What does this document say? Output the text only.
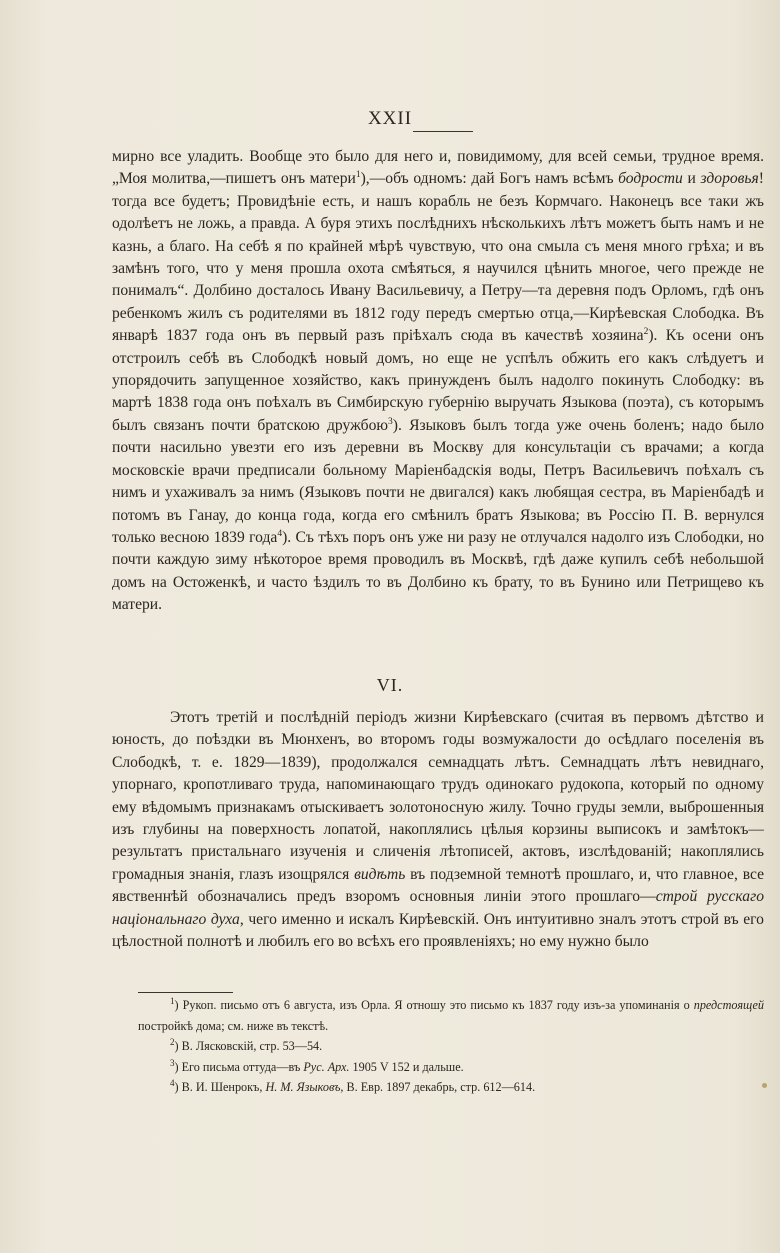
XXII
мирно все уладить. Вообще это было для него и, повидимому, для всей семьи, трудное время. „Моя молитва,—пишетъ онъ матери$^1$),—объ одномъ: дай Богъ намъ всѣмъ бодрости и здоровья! тогда все будетъ; Провидѣніе есть, и нашъ корабль не безъ Кормчаго. Наконецъ все таки жъ одолѣетъ не ложь, а правда. А буря этихъ послѣднихъ нѣсколькихъ лѣтъ можетъ быть намъ и не казнь, а благо. На себѣ я по крайней мѣрѣ чувствую, что она смыла съ меня много грѣха; и въ замѣнъ того, что у меня прошла охота смѣяться, я научился цѣнить многое, чего прежде не понималъ“. Долбино досталось Ивану Васильевичу, а Петру—та деревня подъ Орломъ, гдѣ онъ ребенкомъ жилъ съ родителями въ 1812 году передъ смертью отца,—Кирѣевская Слободка. Въ январѣ 1837 года онъ въ первый разъ пріѣхалъ сюда въ качествѣ хозяина$^2$). Къ осени онъ отстроилъ себѣ въ Слободкѣ новый домъ, но еще не успѣлъ обжить его какъ слѣдуетъ и упорядочить запущенное хозяйство, какъ принужденъ былъ надолго покинуть Слободку: въ мартѣ 1838 года онъ поѣхалъ въ Симбирскую губернію выручать Языкова (поэта), съ которымъ былъ связанъ почти братскою дружбою$^3$). Языковъ былъ тогда уже очень боленъ; надо было почти насильно увезти его изъ деревни въ Москву для консультаціи съ врачами; а когда московскіе врачи предписали больному Маріенбадскія воды, Петръ Васильевичъ поѣхалъ съ нимъ и ухаживалъ за нимъ (Языковъ почти не двигался) какъ любящая сестра, въ Маріенбадѣ и потомъ въ Ганау, до конца года, когда его смѣнилъ братъ Языкова; въ Россію П. В. вернулся только весною 1839 года$^4$). Съ тѣхъ поръ онъ уже ни разу не отлучался надолго изъ Слободки, но почти каждую зиму нѣкоторое время проводилъ въ Москвѣ, гдѣ даже купилъ себѣ небольшой домъ на Остоженкѣ, и часто ѣздилъ то въ Долбино къ брату, то въ Бунино или Петрищево къ матери.
VI.
Этотъ третій и послѣдній періодъ жизни Кирѣевскаго (считая въ первомъ дѣтство и юность, до поѣздки въ Мюнхенъ, во второмъ годы возмужалости до осѣдлаго поселенія въ Слободкѣ, т. е. 1829—1839), продолжался семнадцать лѣтъ. Семнадцать лѣтъ невиднаго, упорнаго, кропотливаго труда, напоминающаго трудъ одинокаго рудокопа, который по одному ему вѣдомымъ признакамъ отыскиваетъ золотоносную жилу. Точно груды земли, выброшенныя изъ глубины на поверхность лопатой, накоплялись цѣлыя корзины выписокъ и замѣтокъ—результатъ пристальнаго изученія и сличенія лѣтописей, актовъ, изслѣдованій; накоплялись громадныя знанія, глазъ изощрялся видѣть въ подземной темнотѣ прошлаго, и, что главное, все явственнѣй обозначались предъ взоромъ основныя линіи этого прошлаго—строй русскаго національнаго духа, чего именно и искалъ Кирѣевскій. Онъ интуитивно зналъ этотъ строй въ его цѣлостной полнотѣ и любилъ его во всѣхъ его проявленіяхъ; но ему нужно было
$^1$) Рукоп. письмо отъ 6 августа, изъ Орла. Я отношу это письмо къ 1837 году изъ-за упоминанія о предстоящей постройкѣ дома; см. ниже въ текстѣ.
$^2$) В. Лясковскій, стр. 53—54.
$^3$) Его письма оттуда—въ Рус. Арх. 1905 V 152 и дальше.
$^4$) В. И. Шенрокъ, Н. М. Языковъ, В. Евр. 1897 декабрь, стр. 612—614.
